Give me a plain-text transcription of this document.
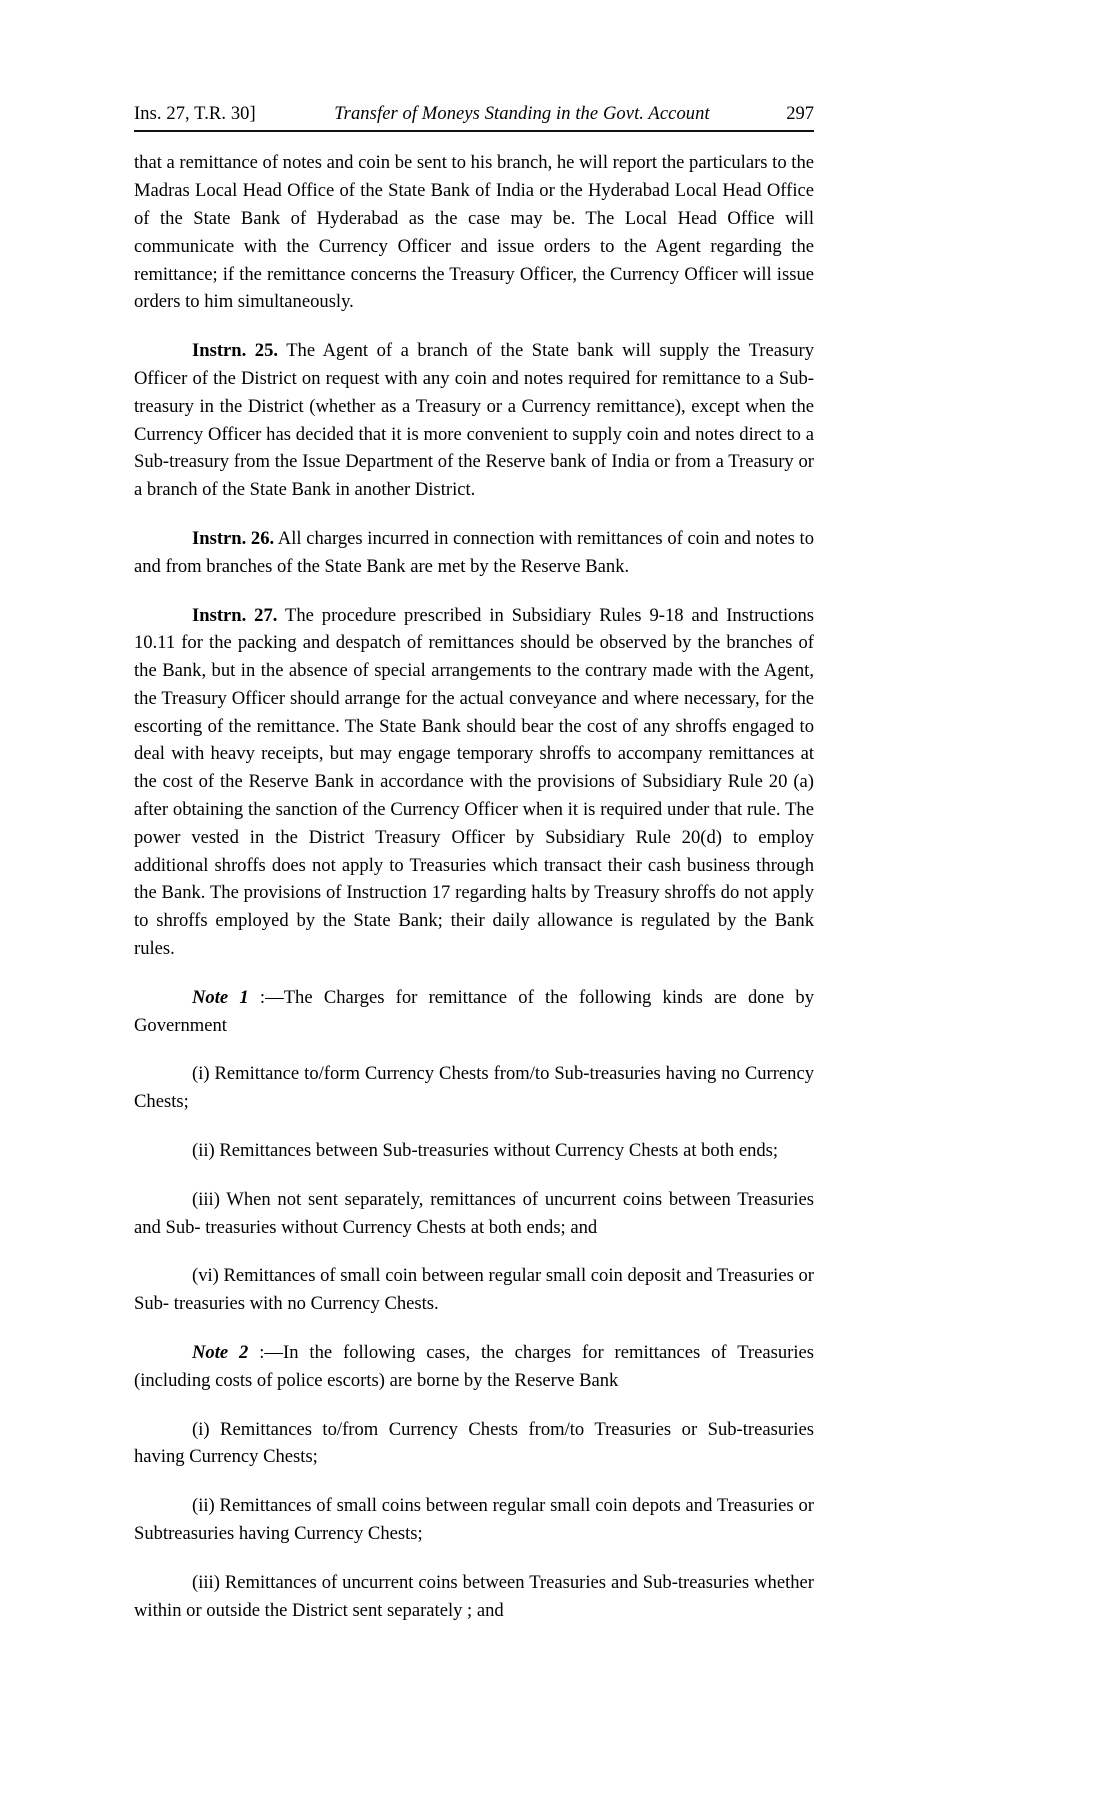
Ins. 27, T.R. 30]	Transfer of Moneys Standing in the Govt. Account	297

that a remittance of notes and coin be sent to his branch, he will report the particulars to the Madras Local Head Office of the State Bank of India or the Hyderabad Local Head Office of the State Bank of Hyderabad as the case may be. The Local Head Office will communicate with the Currency Officer and issue orders to the Agent regarding the remittance; if the remittance concerns the Treasury Officer, the Currency Officer will issue orders to him simultaneously.

Instrn. 25. The Agent of a branch of the State bank will supply the Treasury Officer of the District on request with any coin and notes required for remittance to a Sub- treasury in the District (whether as a Treasury or a Currency remittance), except when the Currency Officer has decided that it is more convenient to supply coin and notes direct to a Sub-treasury from the Issue Department of the Reserve bank of India or from a Treasury or a branch of the State Bank in another District.

Instrn. 26. All charges incurred in connection with remittances of coin and notes to and from branches of the State Bank are met by the Reserve Bank.

Instrn. 27. The procedure prescribed in Subsidiary Rules 9-18 and Instructions 10.11 for the packing and despatch of remittances should be observed by the branches of the Bank, but in the absence of special arrangements to the contrary made with the Agent, the Treasury Officer should arrange for the actual conveyance and where necessary, for the escorting of the remittance. The State Bank should bear the cost of any shroffs engaged to deal with heavy receipts, but may engage temporary shroffs to accompany remittances at the cost of the Reserve Bank in accordance with the provisions of Subsidiary Rule 20 (a) after obtaining the sanction of the Currency Officer when it is required under that rule. The power vested in the District Treasury Officer by Subsidiary Rule 20(d) to employ additional shroffs does not apply to Treasuries which transact their cash business through the Bank. The provisions of Instruction 17 regarding halts by Treasury shroffs do not apply to shroffs employed by the State Bank; their daily allowance is regulated by the Bank rules.

Note 1 :—The Charges for remittance of the following kinds are done by Government

(i) Remittance to/form Currency Chests from/to Sub-treasuries having no Currency Chests;

(ii) Remittances between Sub-treasuries without Currency Chests at both ends;

(iii) When not sent separately, remittances of uncurrent coins between Treasuries and Sub- treasuries without Currency Chests at both ends; and

(vi) Remittances of small coin between regular small coin deposit and Treasuries or Sub- treasuries with no Currency Chests.

Note 2 :—In the following cases, the charges for remittances of Treasuries (including costs of police escorts) are borne by the Reserve Bank

(i) Remittances to/from Currency Chests from/to Treasuries or Sub-treasuries having Currency Chests;

(ii) Remittances of small coins between regular small coin depots and Treasuries or Subtreasuries having Currency Chests;

(iii) Remittances of uncurrent coins between Treasuries and Sub-treasuries whether within or outside the District sent separately ; and
